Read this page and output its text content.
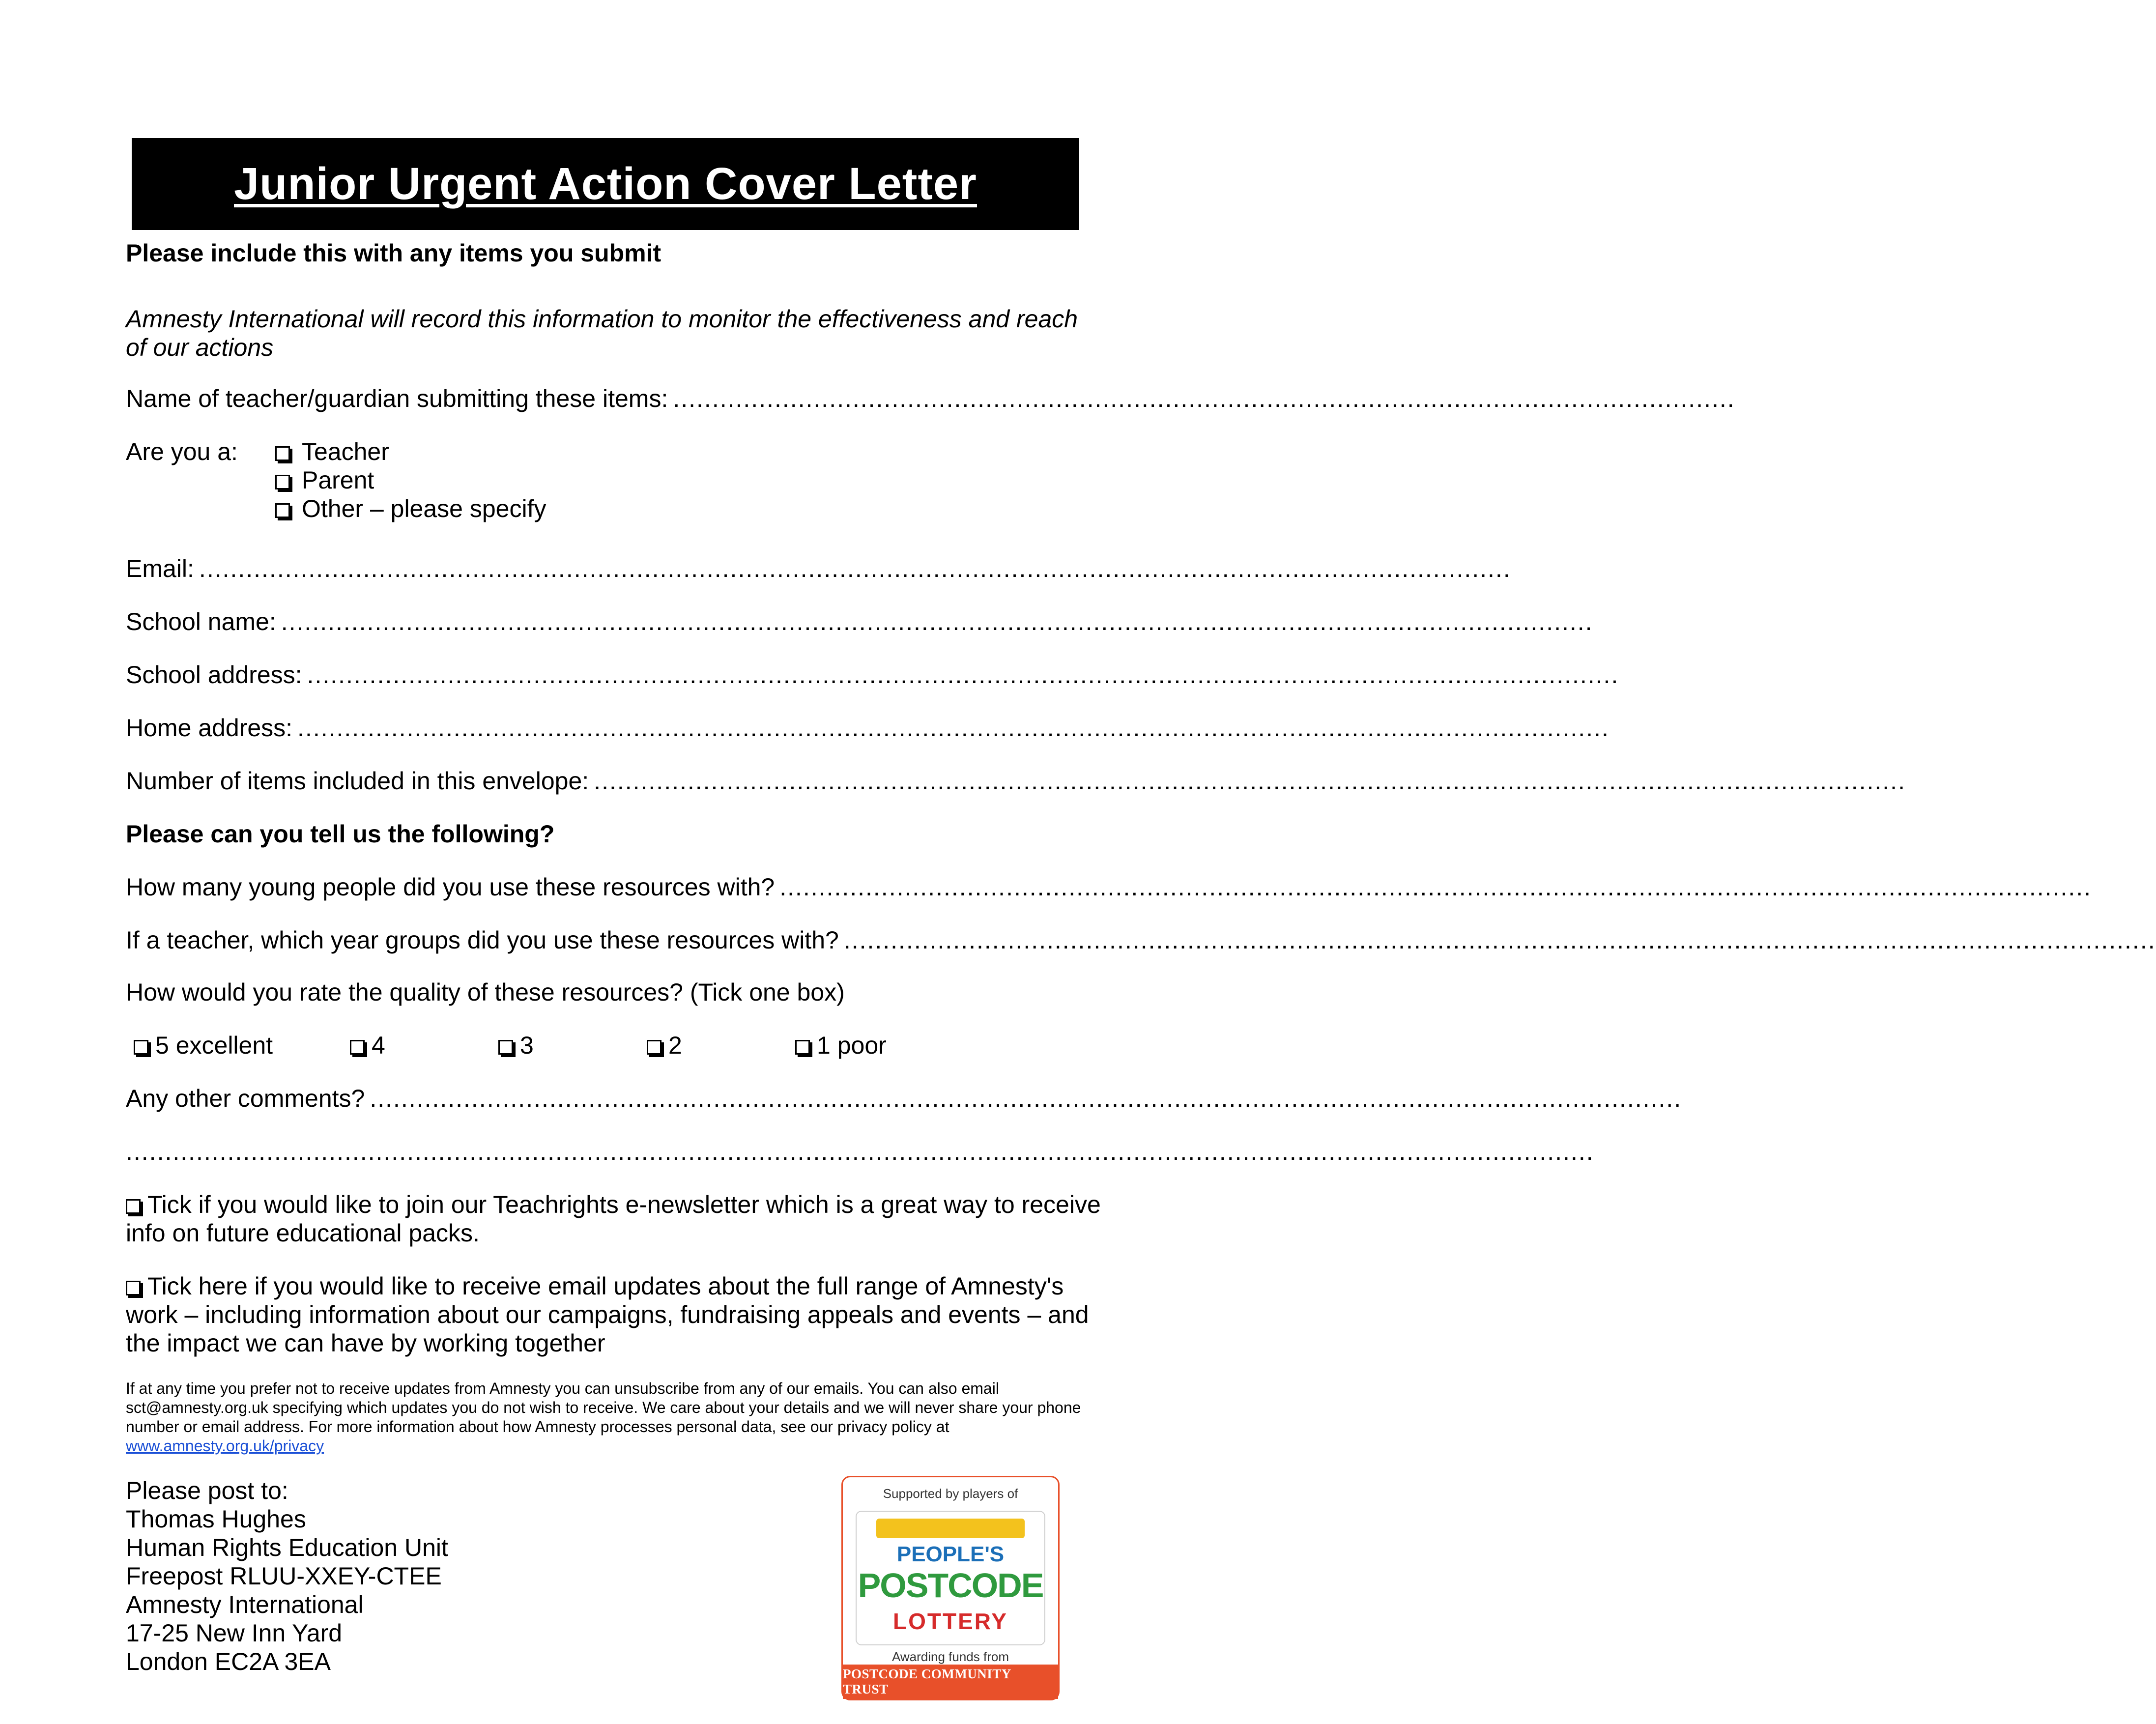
Junior Urgent Action Cover Letter
Please include this with any items you submit
Amnesty International will record this information to monitor the effectiveness and reach of our actions
Name of teacher/guardian submitting these items: ........................................................................................................................................
Are you a:	Teacher
Parent
Other – please specify
Email: ........................................................................................................................................................................
School name: ........................................................................................................................................................................
School address: ........................................................................................................................................................................
Home address: ........................................................................................................................................................................
Number of items included in this envelope: ........................................................................................................................................................................
Please can you tell us the following?
How many young people did you use these resources with? ........................................................................................................................................................................
If a teacher, which year groups did you use these resources with? ........................................................................................................................................................................
How would you rate the quality of these resources? (Tick one box)
5 excellent	4	3	2	1 poor
Any other comments? ........................................................................................................................................................................
............................................................................................................................................................................................
Tick if you would like to join our Teachrights e-newsletter which is a great way to receive info on future educational packs.
Tick here if you would like to receive email updates about the full range of Amnesty's work – including information about our campaigns, fundraising appeals and events – and the impact we can have by working together
If at any time you prefer not to receive updates from Amnesty you can unsubscribe from any of our emails. You can also email sct@amnesty.org.uk specifying which updates you do not wish to receive. We care about your details and we will never share your phone number or email address. For more information about how Amnesty processes personal data, see our privacy policy at
www.amnesty.org.uk/privacy
Please post to:
Thomas Hughes
Human Rights Education Unit
Freepost RLUU-XXEY-CTEE
Amnesty International
17-25 New Inn Yard
London EC2A 3EA
Supported by players of
PEOPLE'S
POSTCODE
LOTTERY
Awarding funds from
POSTCODE COMMUNITY TRUST
